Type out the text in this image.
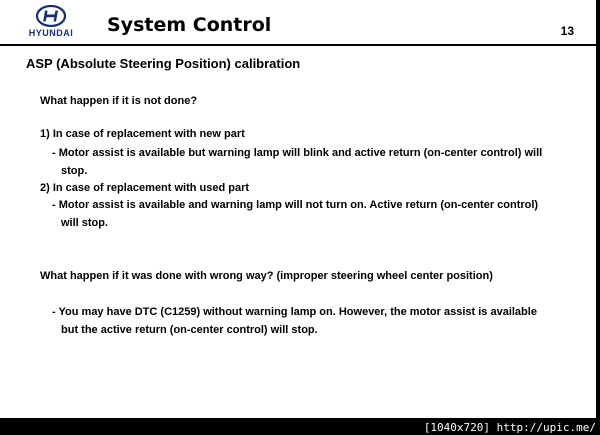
HYUNDAI	System Control	13
ASP (Absolute Steering Position) calibration
What happen if it is not done?
1) In case of replacement with new part
- Motor assist is available but warning lamp will blink and active return (on-center control) will
stop.
2) In case of replacement with used part
- Motor assist is available and warning lamp will not turn on. Active return (on-center control)
will stop.
What happen if it was done with wrong way? (improper steering wheel center position)
- You may have DTC (C1259) without warning lamp on. However, the motor assist is available
but the active return (on-center control) will stop.
[1040x720] http://upic.me/
